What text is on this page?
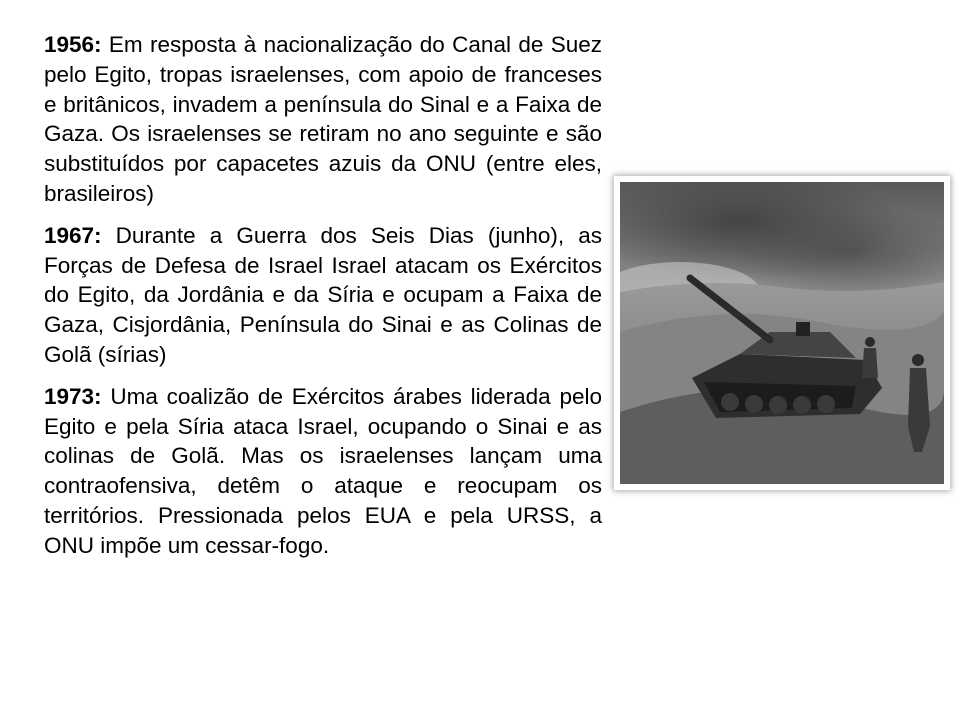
1956: Em resposta à nacionalização do Canal de Suez pelo Egito, tropas israelenses, com apoio de franceses e britânicos, invadem a península do Sinal e a Faixa de Gaza. Os israelenses se retiram no ano seguinte e são substituídos por capacetes azuis da ONU (entre eles, brasileiros)

1967: Durante a Guerra dos Seis Dias (junho), as Forças de Defesa de Israel Israel atacam os Exércitos do Egito, da Jordânia e da Síria e ocupam a Faixa de Gaza, Cisjordânia, Península do Sinai e as Colinas de Golã (sírias)

1973: Uma coalizão de Exércitos árabes liderada pelo Egito e pela Síria ataca Israel, ocupando o Sinai e as colinas de Golã. Mas os israelenses lançam uma contraofensiva, detêm o ataque e reocupam os territórios. Pressionada pelos EUA e pela URSS, a ONU impõe um cessar-fogo.
